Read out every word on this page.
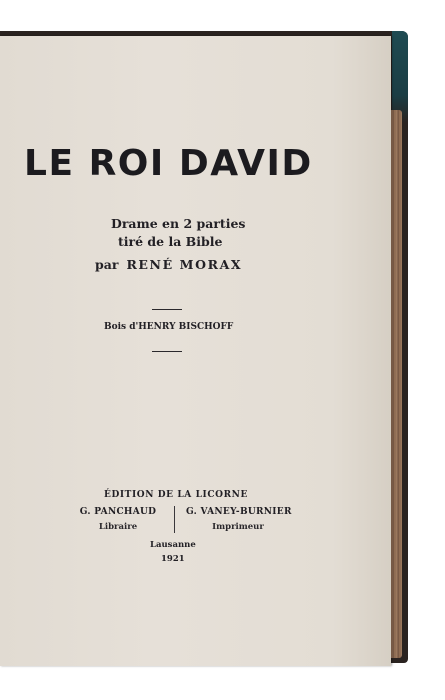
LE ROI DAVID
Drame en 2 parties
tiré de la Bible
par RENÉ MORAX
Bois d'HENRY BISCHOFF
ÉDITION DE LA LICORNE
G. PANCHAUD
Libraire
G. VANEY-BURNIER
Imprimeur
Lausanne
1921
